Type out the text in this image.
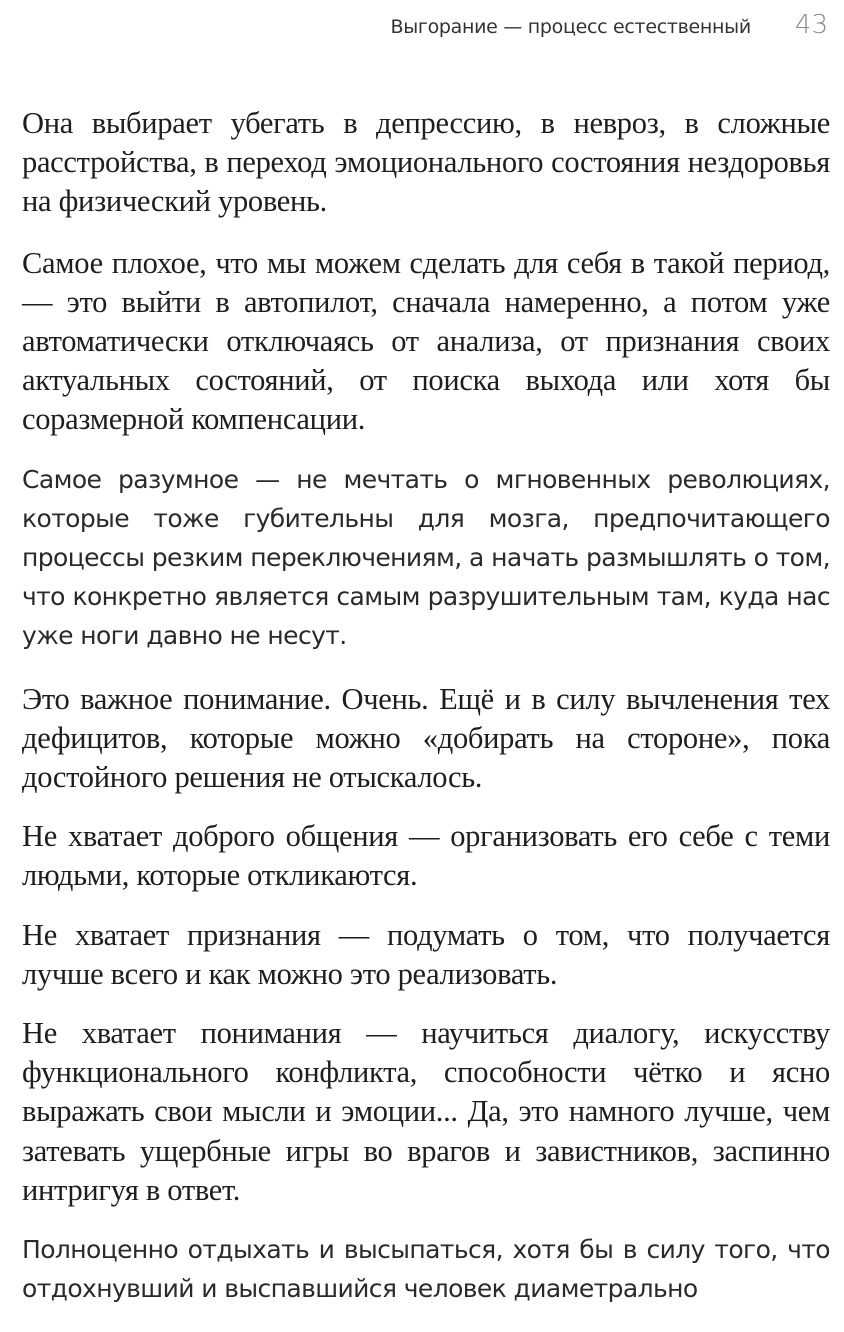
Выгорание — процесс естественный 43

Она выбирает убегать в депрессию, в невроз, в сложные расстройства, в переход эмоционального состояния нездоровья на физический уровень.

Самое плохое, что мы можем сделать для себя в такой период, — это выйти в автопилот, сначала намеренно, а потом уже автоматически отключаясь от анализа, от признания своих актуальных состояний, от поиска выхода или хотя бы соразмерной компенсации.

Самое разумное — не мечтать о мгновенных революциях, которые тоже губительны для мозга, предпочитающего процессы резким переключениям, а начать размышлять о том, что конкретно является самым разрушительным там, куда нас уже ноги давно не несут.

Это важное понимание. Очень. Ещё и в силу вычленения тех дефицитов, которые можно «добирать на стороне», пока достойного решения не отыскалось.

Не хватает доброго общения — организовать его себе с теми людьми, которые откликаются.

Не хватает признания — подумать о том, что получается лучше всего и как можно это реализовать.

Не хватает понимания — научиться диалогу, искусству функционального конфликта, способности чётко и ясно выражать свои мысли и эмоции... Да, это намного лучше, чем затевать ущербные игры во врагов и завистников, заспинно интригуя в ответ.

Полноценно отдыхать и высыпаться, хотя бы в силу того, что отдохнувший и выспавшийся человек диаметрально
